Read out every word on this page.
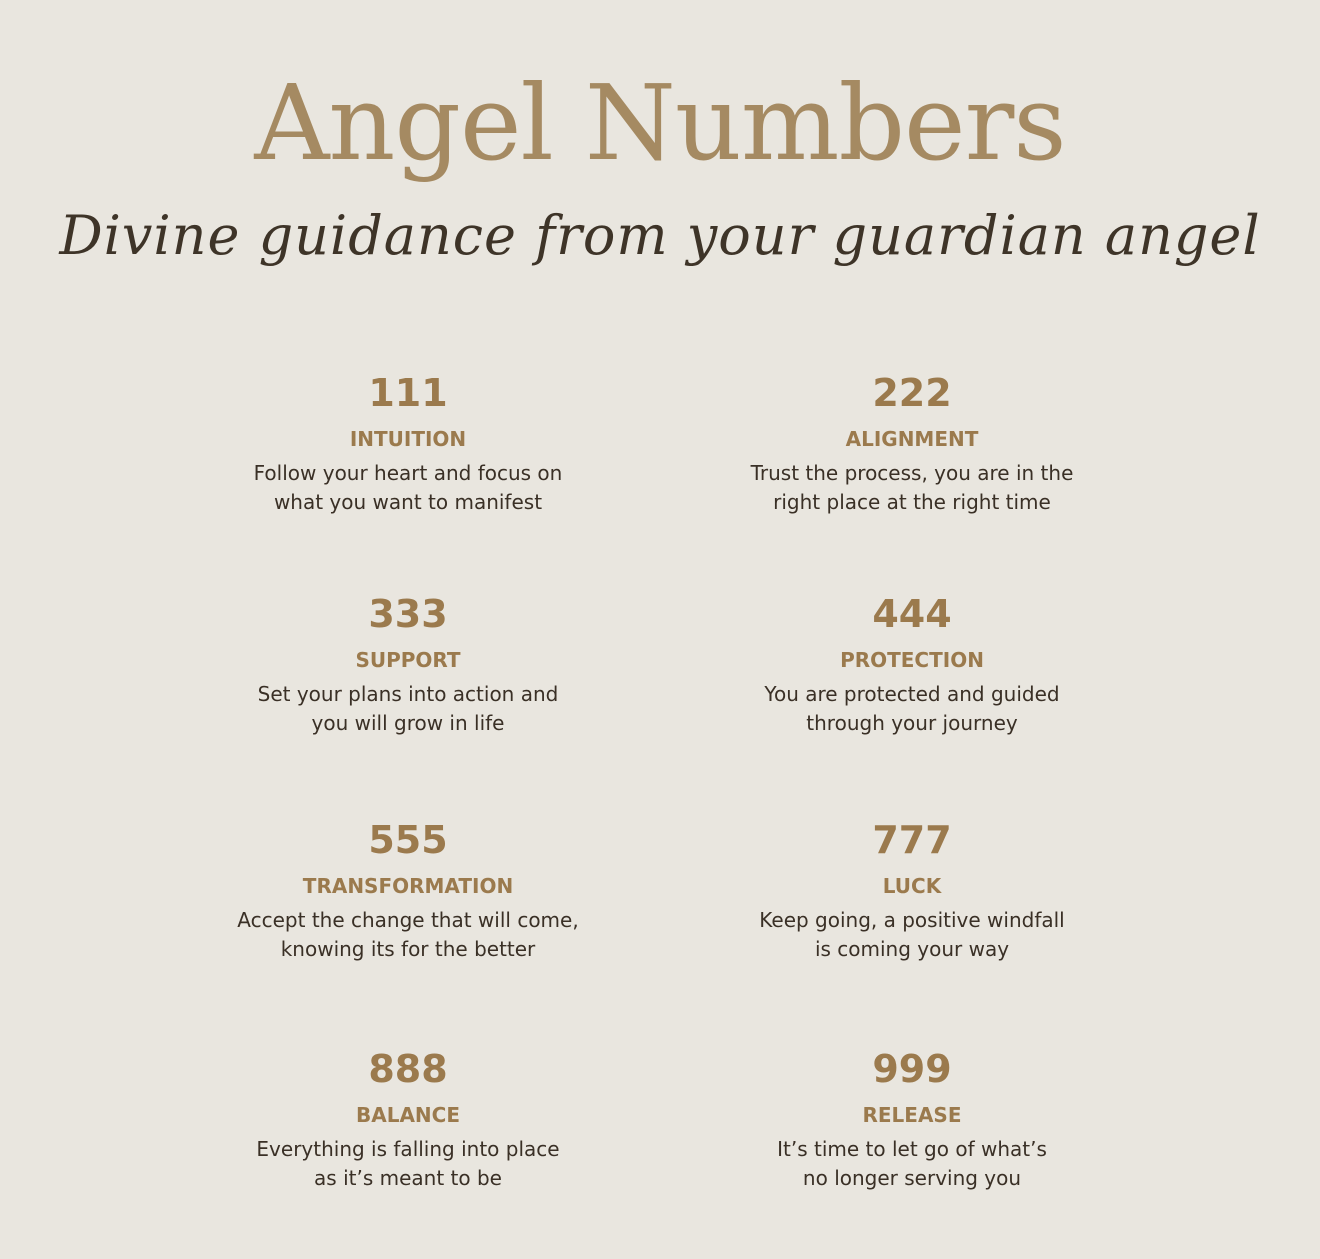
Angel Numbers
Divine guidance from your guardian angel
111
INTUITION
Follow your heart and focus on
what you want to manifest
222
ALIGNMENT
Trust the process, you are in the
right place at the right time
333
SUPPORT
Set your plans into action and
you will grow in life
444
PROTECTION
You are protected and guided
through your journey
555
TRANSFORMATION
Accept the change that will come,
knowing its for the better
777
LUCK
Keep going, a positive windfall
is coming your way
888
BALANCE
Everything is falling into place
as it’s meant to be
999
RELEASE
It’s time to let go of what’s
no longer serving you
